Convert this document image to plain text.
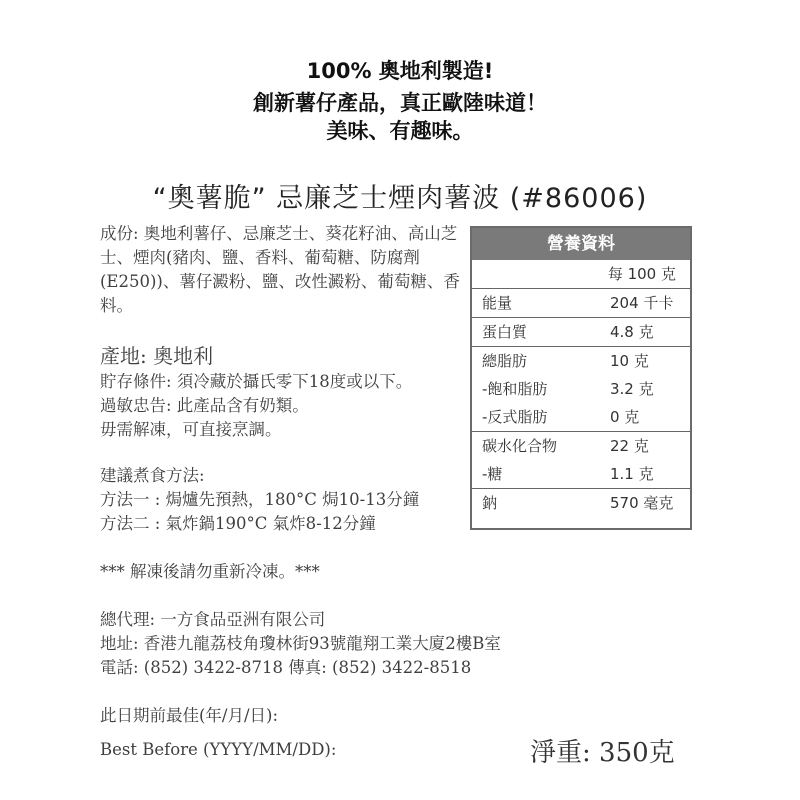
100% 奧地利製造!
創新薯仔產品，真正歐陸味道！
美味、有趣味。
“奧薯脆” 忌廉芝士煙肉薯波 (#86006)
成份: 奧地利薯仔、忌廉芝士、葵花籽油、高山芝士、煙肉(豬肉、鹽、香料、葡萄糖、防腐劑(E250))、薯仔澱粉、鹽、改性澱粉、葡萄糖、香料。
產地: 奧地利
貯存條件: 須冷藏於攝氏零下18度或以下。
過敏忠告: 此產品含有奶類。
毋需解凍，可直接烹調。
建議煮食方法:
方法一 : 焗爐先預熱，180°C 焗10-13分鐘
方法二 : 氣炸鍋190°C 氣炸8-12分鐘
*** 解凍後請勿重新冷凍。***
總代理: 一方食品亞洲有限公司
地址: 香港九龍荔枝角瓊林街93號龍翔工業大廈2樓B室
電話: (852) 3422-8718 傳真: (852) 3422-8518
此日期前最佳(年/月/日):
Best Before (YYYY/MM/DD):	淨重: 350克
營養資料
每 100 克
能量	204 千卡
蛋白質	4.8 克
總脂肪	10 克
-飽和脂肪	3.2 克
-反式脂肪	0 克
碳水化合物	22 克
-糖	1.1 克
鈉	570 毫克
